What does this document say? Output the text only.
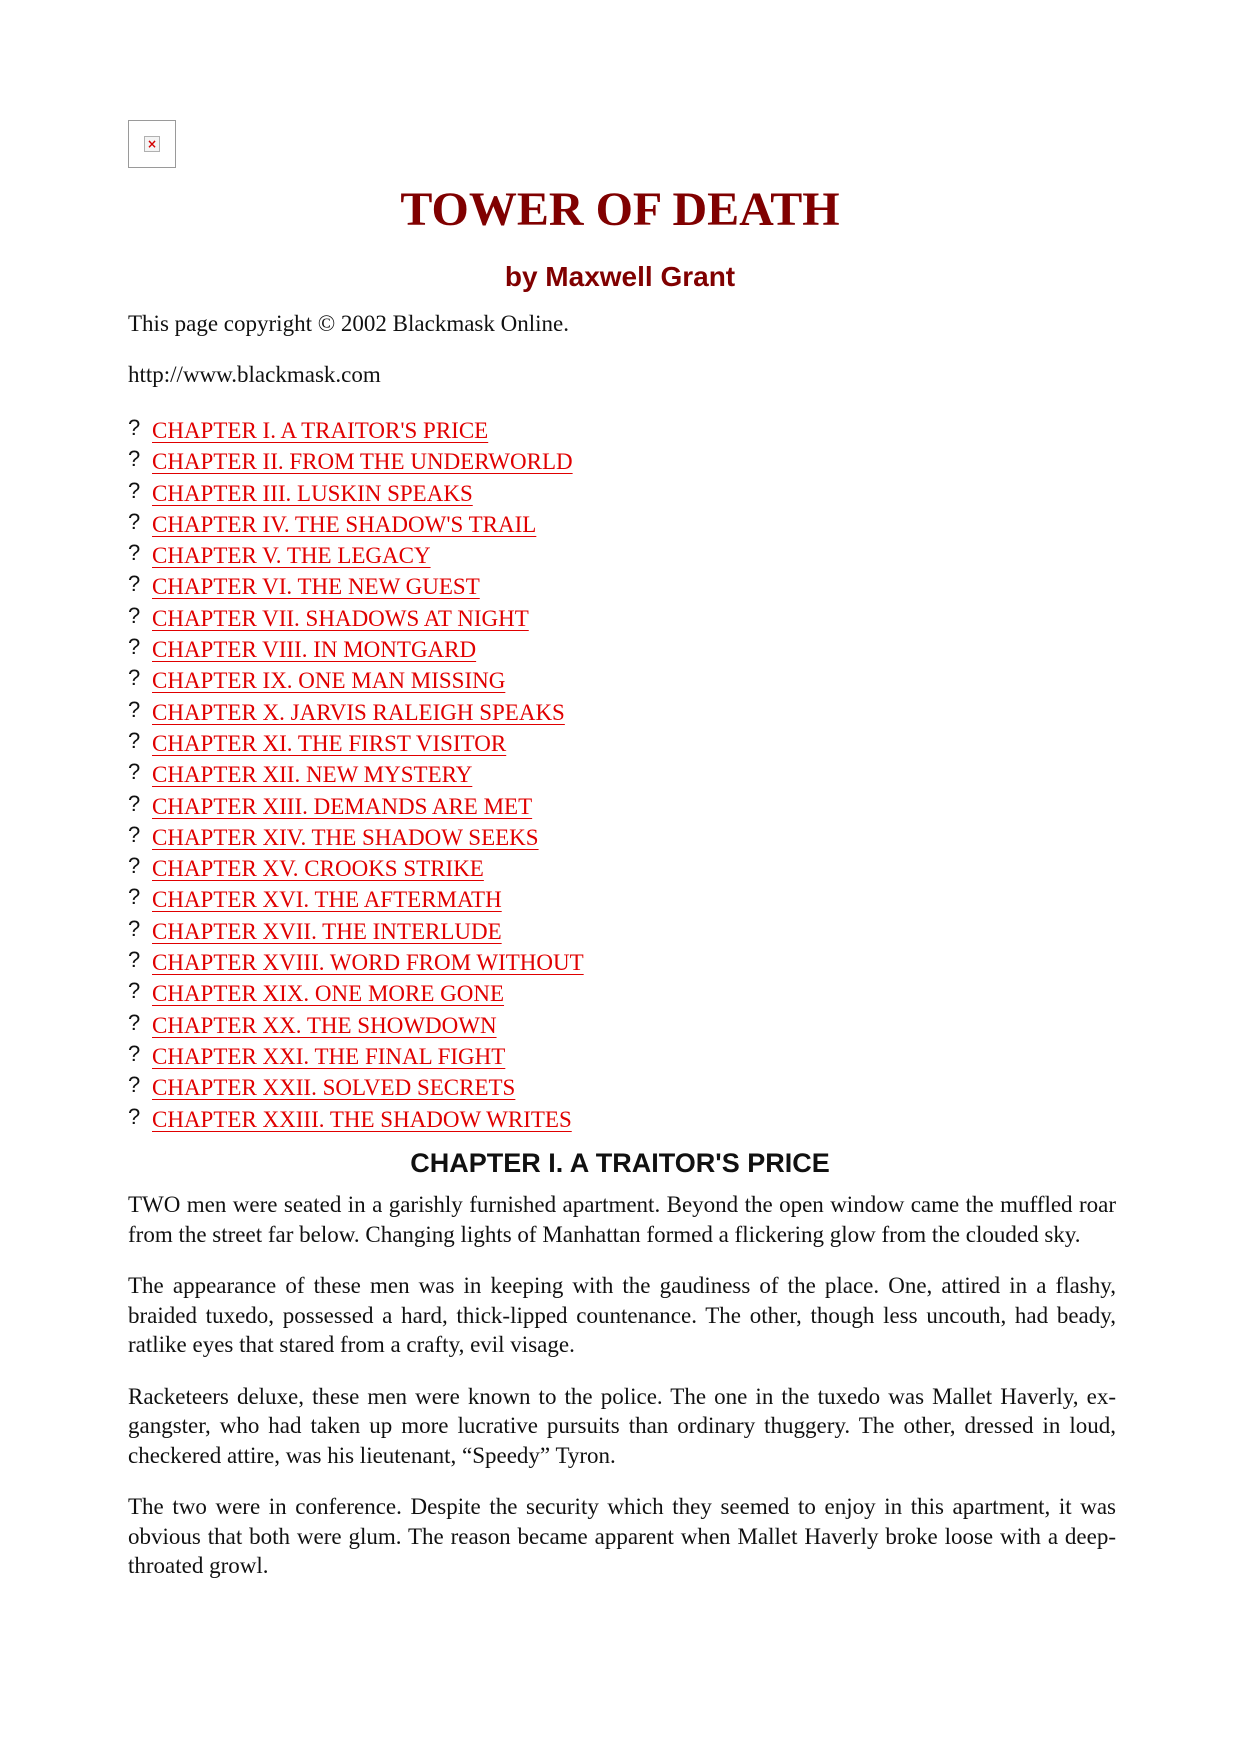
×
TOWER OF DEATH
by Maxwell Grant

This page copyright © 2002 Blackmask Online.

http://www.blackmask.com

? CHAPTER I. A TRAITOR'S PRICE
? CHAPTER II. FROM THE UNDERWORLD
? CHAPTER III. LUSKIN SPEAKS
? CHAPTER IV. THE SHADOW'S TRAIL
? CHAPTER V. THE LEGACY
? CHAPTER VI. THE NEW GUEST
? CHAPTER VII. SHADOWS AT NIGHT
? CHAPTER VIII. IN MONTGARD
? CHAPTER IX. ONE MAN MISSING
? CHAPTER X. JARVIS RALEIGH SPEAKS
? CHAPTER XI. THE FIRST VISITOR
? CHAPTER XII. NEW MYSTERY
? CHAPTER XIII. DEMANDS ARE MET
? CHAPTER XIV. THE SHADOW SEEKS
? CHAPTER XV. CROOKS STRIKE
? CHAPTER XVI. THE AFTERMATH
? CHAPTER XVII. THE INTERLUDE
? CHAPTER XVIII. WORD FROM WITHOUT
? CHAPTER XIX. ONE MORE GONE
? CHAPTER XX. THE SHOWDOWN
? CHAPTER XXI. THE FINAL FIGHT
? CHAPTER XXII. SOLVED SECRETS
? CHAPTER XXIII. THE SHADOW WRITES
CHAPTER I. A TRAITOR'S PRICE

TWO men were seated in a garishly furnished apartment. Beyond the open window came the muffled roar from the street far below. Changing lights of Manhattan formed a flickering glow from the clouded sky.

The appearance of these men was in keeping with the gaudiness of the place. One, attired in a flashy, braided tuxedo, possessed a hard, thick-lipped countenance. The other, though less uncouth, had beady, ratlike eyes that stared from a crafty, evil visage.

Racketeers deluxe, these men were known to the police. The one in the tuxedo was Mallet Haverly, ex-gangster, who had taken up more lucrative pursuits than ordinary thuggery. The other, dressed in loud, checkered attire, was his lieutenant, “Speedy” Tyron.

The two were in conference. Despite the security which they seemed to enjoy in this apartment, it was obvious that both were glum. The reason became apparent when Mallet Haverly broke loose with a deep-throated growl.
